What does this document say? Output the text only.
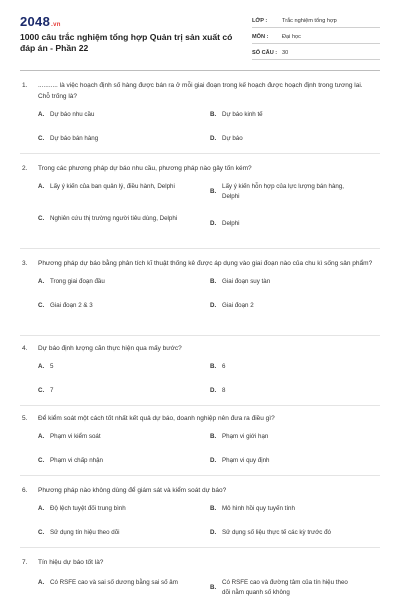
2048.vn
1000 câu trắc nghiệm tổng hợp Quản trị sản xuất có đáp án - Phần 22
LỚP :	Trắc nghiệm tổng hợp
MÔN :	Đại học
SỐ CÂU : 30
1.	........... là việc hoạch định số hàng được bán ra ở mỗi giai đoạn trong kế hoạch được hoạch định trong tương lai. Chỗ trống là?
A. Dự báo nhu cầu	B. Dự báo kinh tế
C. Dự báo bán hàng	D. Dự báo
2.	Trong các phương pháp dự báo nhu cầu, phương pháp nào gây tốn kém?
A. Lấy ý kiến của ban quản lý, điều hành, Delphi
B.
Lấy ý kiến hỗn hợp của lực lượng bán hàng, Delphi
C. Nghiên cứu thị trường người tiêu dùng, Delphi
D. Delphi
3.	Phương pháp dự báo bằng phân tích kĩ thuật thống kê được áp dụng vào giai đoạn nào của chu kì sống sản phẩm?
A. Trong giai đoạn đầu	B. Giai đoạn suy tàn
C. Giai đoạn 2 & 3	D. Giai đoạn 2
4.	Dự báo định lượng căn thực hiện qua mấy bước?
A. 5	B. 6
C. 7	D. 8
5.	Để kiểm soát một cách tốt nhất kết quả dự báo, doanh nghiệp nên đưa ra điều gì?
A. Phạm vi kiểm soát	B. Phạm vi giới hạn
C. Phạm vi chấp nhận	D. Phạm vi quy định
6.	Phương pháp nào không dùng để giám sát và kiểm soát dự báo?
A. Độ lệch tuyệt đối trung bình	B. Mô hình hồi quy tuyến tính
C. Sử dụng tín hiệu theo dõi	D. Sử dụng số liệu thực tế các kỳ trước đó
7.	Tín hiệu dự báo tốt là?
A. Có RSFE cao và sai số dương bằng sai số âm
B.
Có RSFE cao và đường tâm của tín hiệu theo dõi nằm quanh số không
